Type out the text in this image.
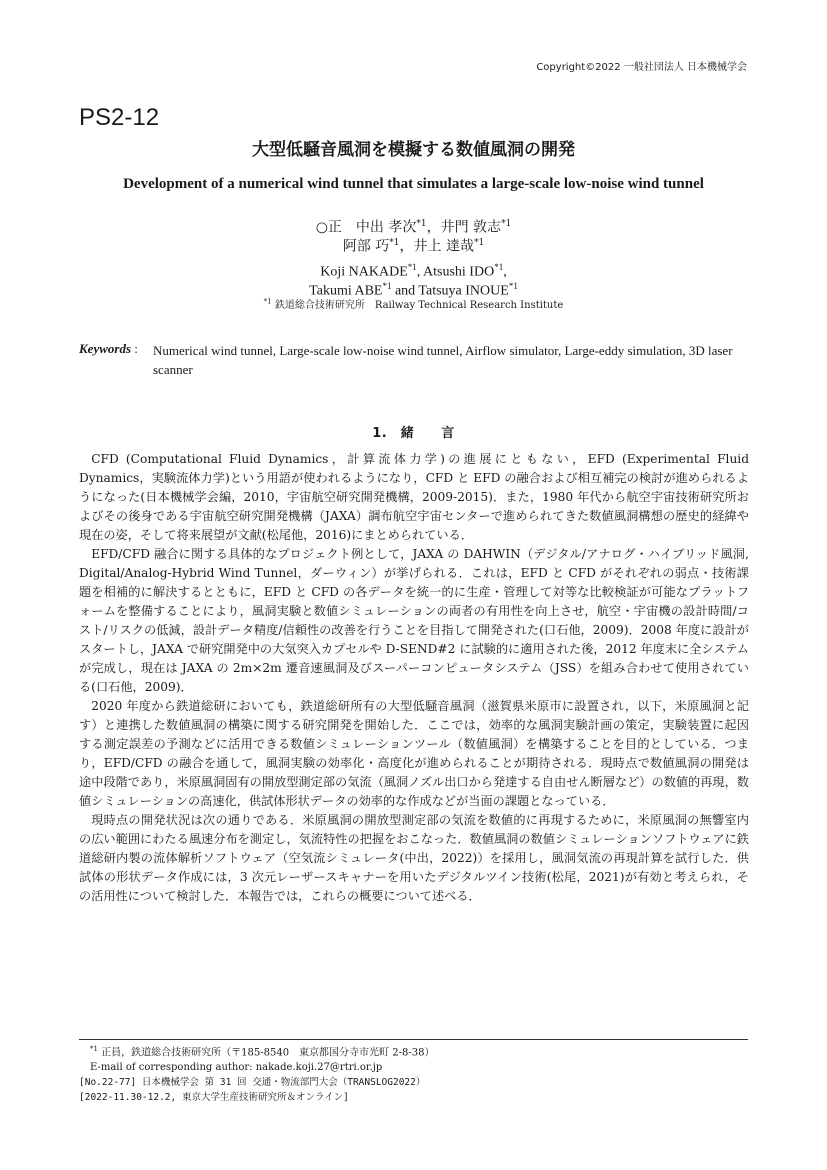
Copyright©2022 一般社団法人 日本機械学会
PS2-12
大型低騒音風洞を模擬する数値風洞の開発
Development of a numerical wind tunnel that simulates a large-scale low-noise wind tunnel
○正　中出 孝次$^{*1}$，井門 敦志$^{*1}$
阿部 巧$^{*1}$，井上 達哉$^{*1}$
Koji NAKADE$^{*1}$, Atsushi IDO$^{*1}$,
Takumi ABE$^{*1}$ and Tatsuya INOUE$^{*1}$
$^{*1}$ 鉄道総合技術研究所　Railway Technical Research Institute
Keywords : Numerical wind tunnel, Large-scale low-noise wind tunnel, Airflow simulator, Large-eddy simulation, 3D laser scanner
1.　緒　　言

CFD (Computational Fluid Dynamics，計算流体力学)の進展にともない，EFD (Experimental Fluid Dynamics，実験流体力学)という用語が使われるようになり，CFD と EFD の融合および相互補完の検討が進められるようになった(日本機械学会編，2010，宇宙航空研究開発機構，2009-2015)．また，1980 年代から航空宇宙技術研究所およびその後身である宇宙航空研究開発機構（JAXA）調布航空宇宙センターで進められてきた数値風洞構想の歴史的経緯や現在の姿，そして将来展望が文献(松尾他，2016)にまとめられている．

EFD/CFD 融合に関する具体的なプロジェクト例として，JAXA の DAHWIN（デジタル/アナログ・ハイブリッド風洞, Digital/Analog-Hybrid Wind Tunnel，ダーウィン）が挙げられる．これは，EFD と CFD がそれぞれの弱点・技術課題を相補的に解決するとともに，EFD と CFD の各データを統一的に生産・管理して対等な比較検証が可能なプラットフォームを整備することにより，風洞実験と数値シミュレーションの両者の有用性を向上させ，航空・宇宙機の設計時間/コスト/リスクの低減，設計データ精度/信頼性の改善を行うことを目指して開発された(口石他，2009)．2008 年度に設計がスタートし，JAXA で研究開発中の大気突入カプセルや D-SEND#2 に試験的に適用された後，2012 年度末に全システムが完成し，現在は JAXA の 2m×2m 遷音速風洞及びスーパーコンピュータシステム（JSS）を組み合わせて使用されている(口石他，2009)．

2020 年度から鉄道総研においても，鉄道総研所有の大型低騒音風洞（滋賀県米原市に設置され，以下，米原風洞と記す）と連携した数値風洞の構築に関する研究開発を開始した．ここでは，効率的な風洞実験計画の策定，実験装置に起因する測定誤差の予測などに活用できる数値シミュレーションツール（数値風洞）を構築することを目的としている．つまり，EFD/CFD の融合を通して，風洞実験の効率化・高度化が進められることが期待される．現時点で数値風洞の開発は途中段階であり，米原風洞固有の開放型測定部の気流（風洞ノズル出口から発達する自由せん断層など）の数値的再現，数値シミュレーションの高速化，供試体形状データの効率的な作成などが当面の課題となっている．

現時点の開発状況は次の通りである．米原風洞の開放型測定部の気流を数値的に再現するために，米原風洞の無響室内の広い範囲にわたる風速分布を測定し，気流特性の把握をおこなった．数値風洞の数値シミュレーションソフトウェアに鉄道総研内製の流体解析ソフトウェア（空気流シミュレータ(中出，2022)）を採用し，風洞気流の再現計算を試行した．供試体の形状データ作成には，3 次元レーザースキャナーを用いたデジタルツイン技術(松尾，2021)が有効と考えられ，その活用性について検討した．本報告では，これらの概要について述べる．

$^{*1}$ 正員，鉄道総合技術研究所（〒185-8540　東京都国分寺市光町 2-8-38）
E-mail of corresponding author: nakade.koji.27@rtri.or.jp
[No.22-77] 日本機械学会 第 31 回 交通・物流部門大会（TRANSLOG2022）
[2022-11.30-12.2, 東京大学生産技術研究所＆オンライン]
